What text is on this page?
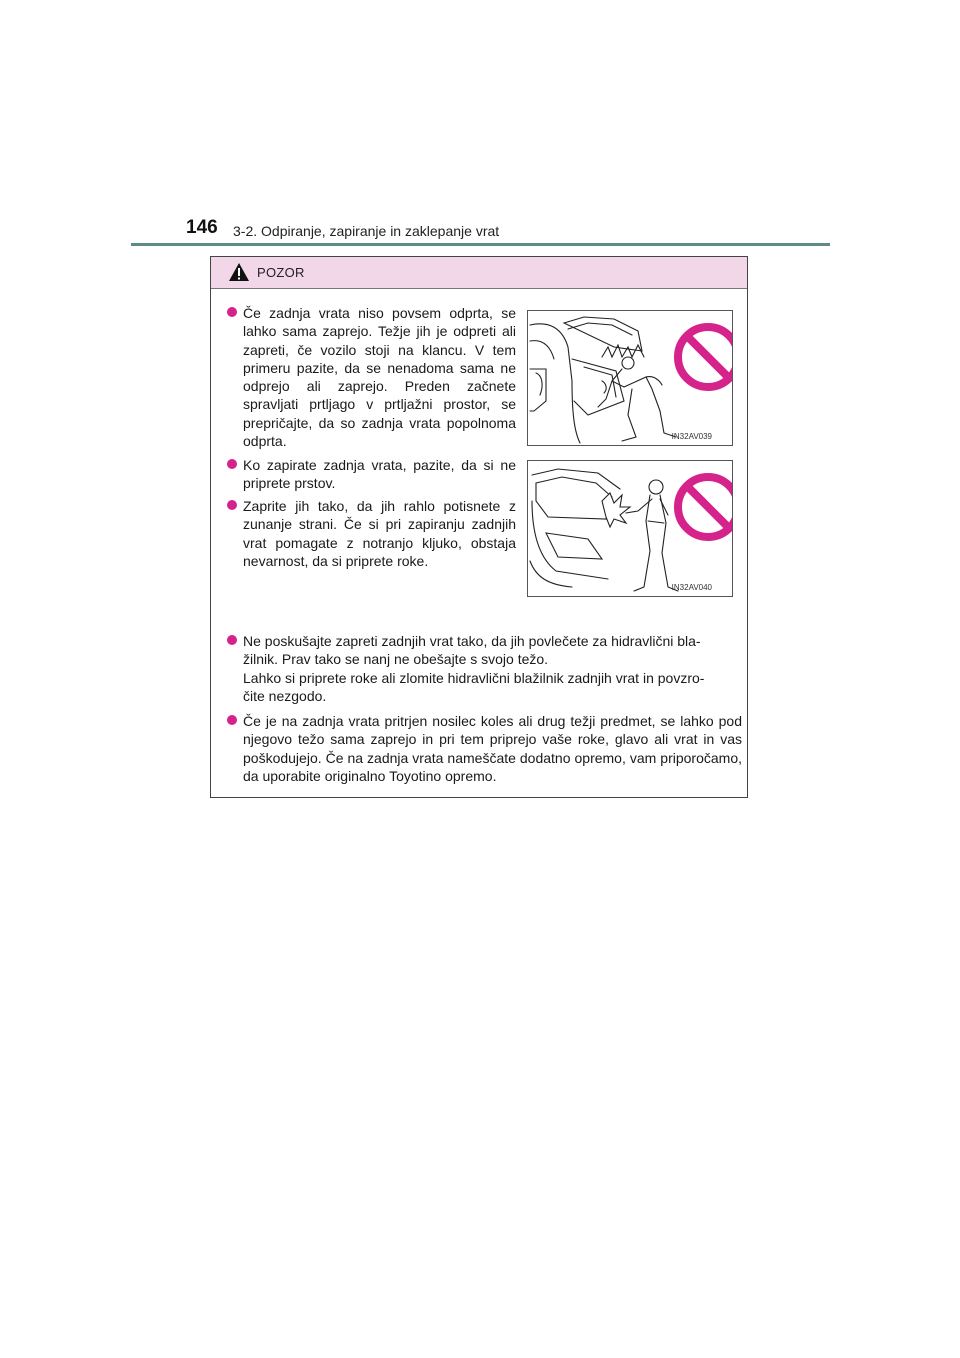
146 3-2. Odpiranje, zapiranje in zaklepanje vrat
POZOR
Če zadnja vrata niso povsem odprta, se lahko sama zaprejo. Težje jih je odpreti ali zapreti, če vozilo stoji na klancu. V tem primeru pazite, da se nenadoma sama ne odprejo ali zaprejo. Preden začnete spravljati prtljago v prtljažni prostor, se prepričajte, da so zadnja vrata popolnoma odprta.	IN32AV039
Ko zapirate zadnja vrata, pazite, da si ne priprete prstov.
Zaprite jih tako, da jih rahlo potisnete z zunanje strani. Če si pri zapiranju zadnjih vrat pomagate z notranjo kljuko, obstaja nevarnost, da si priprete roke.
IN32AV040
Ne poskušajte zapreti zadnjih vrat tako, da jih povlečete za hidravlični bla-
žilnik. Prav tako se nanj ne obešajte s svojo težo.
Lahko si priprete roke ali zlomite hidravlični blažilnik zadnjih vrat in povzro-
čite nezgodo.
Če je na zadnja vrata pritrjen nosilec koles ali drug težji predmet, se lahko pod njegovo težo sama zaprejo in pri tem priprejo vaše roke, glavo ali vrat in vas poškodujejo. Če na zadnja vrata nameščate dodatno opremo, vam priporočamo, da uporabite originalno Toyotino opremo.
